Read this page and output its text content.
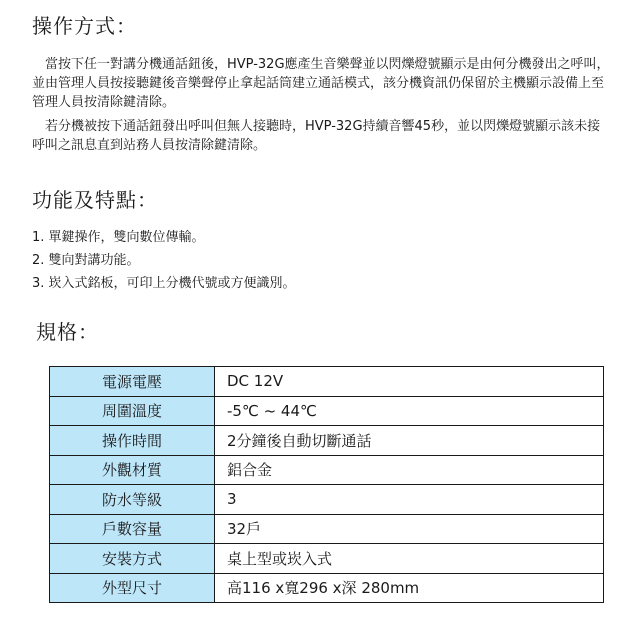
操作方式：

當按下任一對講分機通話鈕後，HVP-32G應產生音樂聲並以閃爍燈號顯示是由何分機發出之呼叫，並由管理人員按接聽鍵後音樂聲停止拿起話筒建立通話模式，該分機資訊仍保留於主機顯示設備上至管理人員按清除鍵清除。

若分機被按下通話鈕發出呼叫但無人接聽時，HVP-32G持續音響45秒，並以閃爍燈號顯示該未接呼叫之訊息直到站務人員按清除鍵清除。

功能及特點：
1. 單鍵操作，雙向數位傳輸。
2. 雙向對講功能。
3. 崁入式銘板，可印上分機代號或方便識別。
規格：
電源電壓	DC 12V
周圍溫度	-5℃ ~ 44℃
操作時間	2分鐘後自動切斷通話
外觀材質	鋁合金
防水等級	3
戶數容量	32戶
安裝方式	桌上型或崁入式
外型尺寸	高116 x寬296 x深 280mm
